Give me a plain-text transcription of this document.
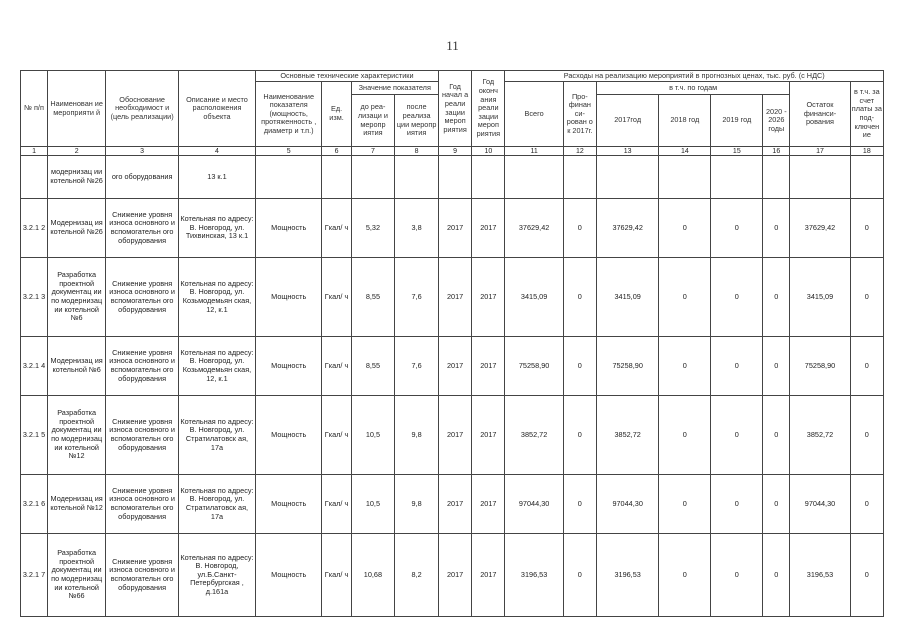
11
№ п/п	Наименован ие мероприяти й	Обоснование необходимост и (цель реализации)	Описание и место расположения объекта	Основные технические характеристики				Год начал а реали зации мероп риятия	Год оконч ания реали зации мероп риятия	Расходы на реализацию мероприятий в прогнозных ценах, тыс. руб. (с НДС)							
				Наименование показателя (мощность, протяженность , диаметр и т.п.)	Ед. изм.	Значение показателя				Всего	Про- финан си- рован о к 2017г.	в т.ч. по годам				Остаток финанси- рования	в т.ч. за счет платы за под- ключен ие
						до реа- лизаци и меропр иятия	после реализа ции меропр иятия					2017год	2018 год	2019 год	2020 - 2026 годы		
1	2	3	4	5	6	7	8	9	10	11	12	13	14	15	16	17	18
	модернизац ии котельной №26	ого оборудования	13 к.1														
3.2.1 2	Модернизац ия котельной №26	Снижение уровня износа основного и вспомогательн ого оборудования	Котельная по адресу: В. Новгород, ул. Тихвинская, 13 к.1	Мощность	Гкал/ ч	5,32	3,8	2017	2017	37629,42	0	37629,42	0	0	0	37629,42	0
3.2.1 3	Разработка проектной документац ии по модернизац ии котельной №6	Снижение уровня износа основного и вспомогательн ого оборудования	Котельная по адресу: В. Новгород, ул. Козьмодемьян ская, 12, к.1	Мощность	Гкал/ ч	8,55	7,6	2017	2017	3415,09	0	3415,09	0	0	0	3415,09	0
3.2.1 4	Модернизац ия котельной №6	Снижение уровня износа основного и вспомогательн ого оборудования	Котельная по адресу: В. Новгород, ул. Козьмодемьян ская, 12, к.1	Мощность	Гкал/ ч	8,55	7,6	2017	2017	75258,90	0	75258,90	0	0	0	75258,90	0
3.2.1 5	Разработка проектной документац ии по модернизац ии котельной №12	Снижение уровня износа основного и вспомогательн ого оборудования	Котельная по адресу: В. Новгород, ул. Стратилатовск ая, 17а	Мощность	Гкал/ ч	10,5	9,8	2017	2017	3852,72	0	3852,72	0	0	0	3852,72	0
3.2.1 6	Модернизац ия котельной №12	Снижение уровня износа основного и вспомогательн ого оборудования	Котельная по адресу: В. Новгород, ул. Стратилатовск ая, 17а	Мощность	Гкал/ ч	10,5	9,8	2017	2017	97044,30	0	97044,30	0	0	0	97044,30	0
3.2.1 7	Разработка проектной документац ии по модернизац ии котельной №66	Снижение уровня износа основного и вспомогательн ого оборудования	Котельная по адресу: В. Новгород, ул.Б.Санкт- Петербургская , д.161а	Мощность	Гкал/ ч	10,68	8,2	2017	2017	3196,53	0	3196,53	0	0	0	3196,53	0
